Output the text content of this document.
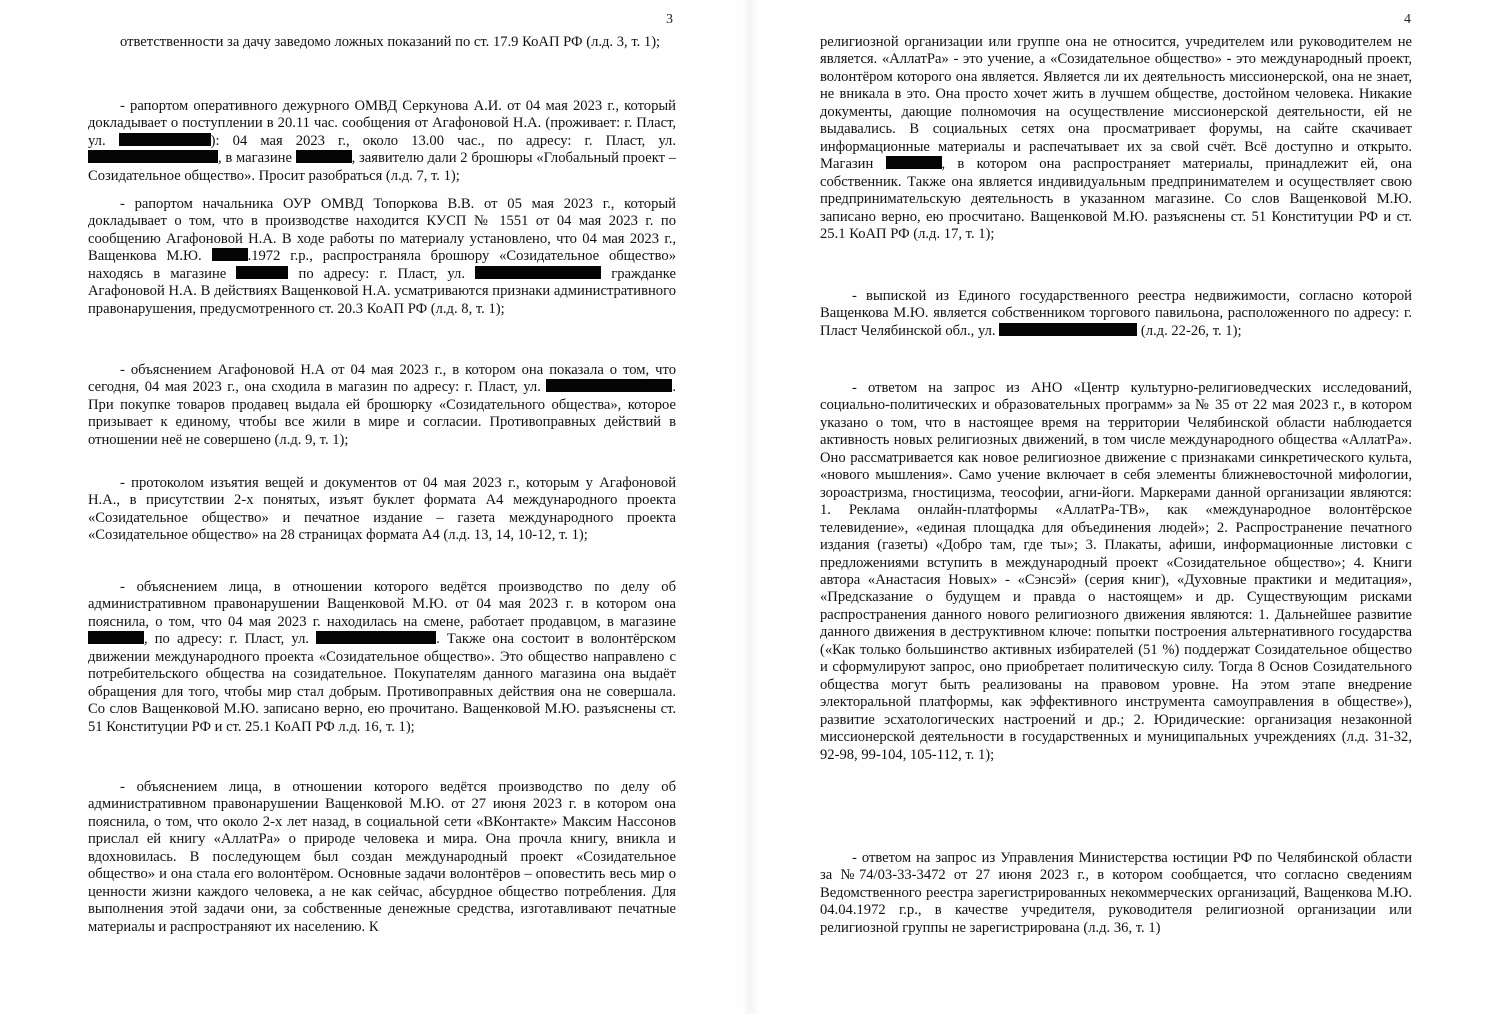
3

ответственности за дачу заведомо ложных показаний по ст. 17.9 КоАП РФ (л.д. 3, т. 1);

- рапортом оперативного дежурного ОМВД Серкунова А.И. от 04 мая 2023 г., который докладывает о поступлении в 20.11 час. сообщения от Агафоновой Н.А. (проживает: г. Пласт, ул.	): 04 мая 2023 г., около 13.00 час., по адресу: г. Пласт, ул. , в магазине	, заявителю дали 2 брошюры «Глобальный проект – Созидательное общество». Просит разобраться (л.д. 7, т. 1);

- рапортом начальника ОУР ОМВД Топоркова В.В. от 05 мая 2023 г., который докладывает о том, что в производстве находится КУСП № 1551 от 04 мая 2023 г. по сообщению Агафоновой Н.А. В ходе работы по материалу установлено, что 04 мая 2023 г., Ващенкова М.Ю. .1972 г.р., распространяла брошюру «Созидательное общество» находясь в магазине	по адресу: г. Пласт, ул.	гражданке Агафоновой Н.А. В действиях Ващенковой Н.А. усматриваются признаки административного правонарушения, предусмотренного ст. 20.3 КоАП РФ (л.д. 8, т. 1);

- объяснением Агафоновой Н.А от 04 мая 2023 г., в котором она показала о том, что сегодня, 04 мая 2023 г., она сходила в магазин по адресу: г. Пласт, ул.	. При покупке товаров продавец выдала ей брошюрку «Созидательного общества», которое призывает к единому, чтобы все жили в мире и согласии. Противоправных действий в отношении неё не совершено (л.д. 9, т. 1);

- протоколом изъятия вещей и документов от 04 мая 2023 г., которым у Агафоновой Н.А., в присутствии 2-х понятых, изъят буклет формата А4 международного проекта «Созидательное общество» и печатное издание – газета международного проекта «Созидательное общество» на 28 страницах формата А4 (л.д. 13, 14, 10-12, т. 1);

- объяснением лица, в отношении которого ведётся производство по делу об административном правонарушении Ващенковой М.Ю. от 04 мая 2023 г. в котором она пояснила, о том, что 04 мая 2023 г. находилась на смене, работает продавцом, в магазине , по адресу: г. Пласт, ул.	. Также она состоит в волонтёрском движении международного проекта «Созидательное общество». Это общество направлено с потребительского общества на созидательное. Покупателям данного магазина она выдаёт обращения для того, чтобы мир стал добрым. Противоправных действия она не совершала. Со слов Ващенковой М.Ю. записано верно, ею прочитано. Ващенковой М.Ю. разъяснены ст. 51 Конституции РФ и ст. 25.1 КоАП РФ л.д. 16, т. 1);

- объяснением лица, в отношении которого ведётся производство по делу об административном правонарушении Ващенковой М.Ю. от 27 июня 2023 г. в котором она пояснила, о том, что около 2-х лет назад, в социальной сети «ВКонтакте» Максим Нассонов прислал ей книгу «АллатРа» о природе человека и мира. Она прочла книгу, вникла и вдохновилась. В последующем был создан международный проект «Созидательное общество» и она стала его волонтёром. Основные задачи волонтёров – оповестить весь мир о ценности жизни каждого человека, а не как сейчас, абсурдное общество потребления. Для выполнения этой задачи они, за собственные денежные средства, изготавливают печатные материалы и распространяют их населению. К

4

религиозной организации или группе она не относится, учредителем или руководителем не является. «АллатРа» - это учение, а «Созидательное общество» - это международный проект, волонтёром которого она является. Является ли их деятельность миссионерской, она не знает, не вникала в это. Она просто хочет жить в лучшем обществе, достойном человека. Никакие документы, дающие полномочия на осуществление миссионерской деятельности, ей не выдавались. В социальных сетях она просматривает форумы, на сайте скачивает информационные материалы и распечатывает их за свой счёт. Всё доступно и открыто. Магазин	, в котором она распространяет материалы, принадлежит ей, она собственник. Также она является индивидуальным предпринимателем и осуществляет свою предпринимательскую деятельность в указанном магазине. Со слов Ващенковой М.Ю. записано верно, ею просчитано. Ващенковой М.Ю. разъяснены ст. 51 Конституции РФ и ст. 25.1 КоАП РФ (л.д. 17, т. 1);

- выпиской из Единого государственного реестра недвижимости, согласно которой Ващенкова М.Ю. является собственником торгового павильона, расположенного по адресу: г. Пласт Челябинской обл., ул.	(л.д. 22-26, т. 1);

- ответом на запрос из АНО «Центр культурно-религиоведческих исследований, социально-политических и образовательных программ» за № 35 от 22 мая 2023 г., в котором указано о том, что в настоящее время на территории Челябинской области наблюдается активность новых религиозных движений, в том числе международного общества «АллатРа». Оно рассматривается как новое религиозное движение с признаками синкретического культа, «нового мышления». Само учение включает в себя элементы ближневосточной мифологии, зороастризма, гностицизма, теософии, агни-йоги. Маркерами данной организации являются: 1. Реклама онлайн-платформы «АллатРа-ТВ», как «международное волонтёрское телевидение», «единая площадка для объединения людей»; 2. Распространение печатного издания (газеты) «Добро там, где ты»; 3. Плакаты, афиши, информационные листовки с предложениями вступить в международный проект «Созидательное общество»; 4. Книги автора «Анастасия Новых» - «Сэнсэй» (серия книг), «Духовные практики и медитация», «Предсказание о будущем и правда о настоящем» и др. Существующим рисками распространения данного нового религиозного движения являются: 1. Дальнейшее развитие данного движения в деструктивном ключе: попытки построения альтернативного государства («Как только большинство активных избирателей (51 %) поддержат Созидательное общество и сформулируют запрос, оно приобретает политическую силу. Тогда 8 Основ Созидательного общества могут быть реализованы на правовом уровне. На этом этапе внедрение электоральной платформы, как эффективного инструмента самоуправления в обществе»), развитие эсхатологических настроений и др.; 2. Юридические: организация незаконной миссионерской деятельности в государственных и муниципальных учреждениях (л.д. 31-32, 92-98, 99-104, 105-112, т. 1);

- ответом на запрос из Управления Министерства юстиции РФ по Челябинской области за №74/03-33-3472 от 27 июня 2023 г., в котором сообщается, что согласно сведениям Ведомственного реестра зарегистрированных некоммерческих организаций, Ващенкова М.Ю. 04.04.1972 г.р., в качестве учредителя, руководителя религиозной организации или религиозной группы не зарегистрирована (л.д. 36, т. 1)
